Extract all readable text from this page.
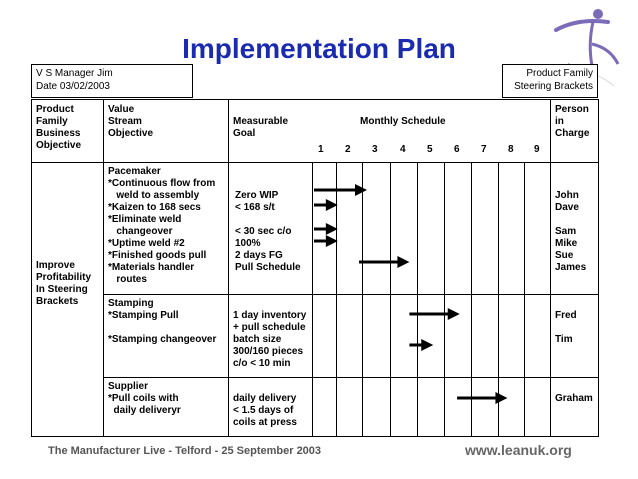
Implementation Plan
V S Manager Jim
Date 03/02/2003
Product Family
Steering Brackets
Product
Family
Business
Objective
Value
Stream
Objective
Measurable
Goal
Monthly Schedule
Person
in
Charge
1 2 3 4 5 6 7 8 9
Improve
Profitability
In Steering
Brackets
Pacemaker
*Continuous flow from
weld to assembly
*Kaizen to 168 secs
*Eliminate weld
changeover
*Uptime weld #2
*Finished goods pull
*Materials handler
routes

Zero WIP
< 168 s/t

< 30 sec c/o
100%
2 days FG
Pull Schedule

John
Dave

Sam
Mike
Sue
James
Stamping
*Stamping Pull

*Stamping changeover

1 day inventory
+ pull schedule
batch size
300/160 pieces
c/o < 10 min

Fred

Tim
Supplier
*Pull coils with
daily deliveryr

daily delivery
< 1.5 days of
coils at press

Graham
The Manufacturer Live - Telford - 25 September 2003	www.leanuk.org
